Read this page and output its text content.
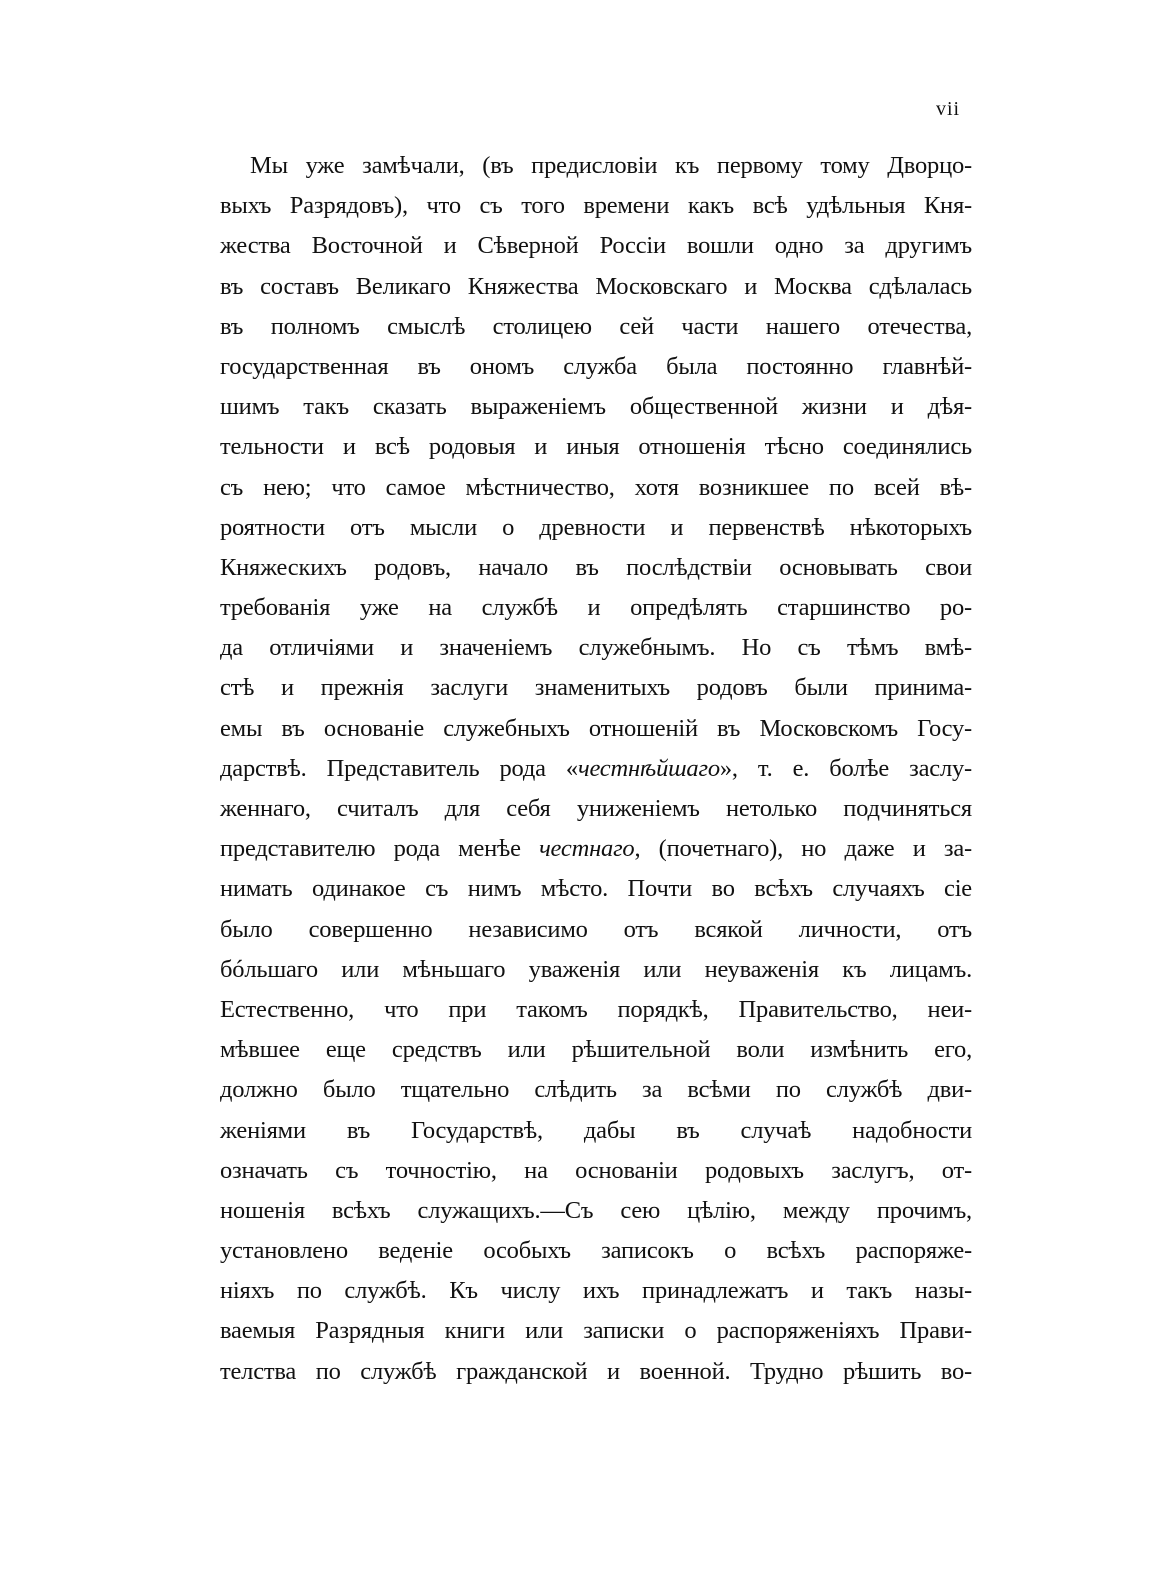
vii
Мы уже замѣчали, (въ предисловіи къ первому тому Дворцо-
выхъ Разрядовъ), что съ того времени какъ всѣ удѣльныя Кня-
жества Восточной и Сѣверной Россіи вошли одно за другимъ
въ составъ Великаго Княжества Московскаго и Москва сдѣлалась
въ полномъ смыслѣ столицею сей части нашего отечества,
государственная въ ономъ служба была постоянно главнѣй-
шимъ такъ сказать выраженіемъ общественной жизни и дѣя-
тельности и всѣ родовыя и иныя отношенія тѣсно соединялись
съ нею; что самое мѣстничество, хотя возникшее по всей вѣ-
роятности отъ мысли о древности и первенствѣ нѣкоторыхъ
Княжескихъ родовъ, начало въ послѣдствіи основывать свои
требованія уже на службѣ и опредѣлять старшинство ро-
да отличіями и значеніемъ служебнымъ. Но съ тѣмъ вмѣ-
стѣ и прежнія заслуги знаменитыхъ родовъ были принима-
емы въ основаніе служебныхъ отношеній въ Московскомъ Госу-
дарствѣ. Представитель рода «честнѣйшаго», т. е. болѣе заслу-
женнаго, считалъ для себя униженіемъ нетолько подчиняться
представителю рода менѣе честнаго, (почетнаго), но даже и за-
нимать одинакое съ нимъ мѣсто. Почти во всѣхъ случаяхъ сіе
было совершенно независимо отъ всякой личности, отъ
бóльшаго или мѣньшаго уваженія или неуваженія къ лицамъ.
Естественно, что при такомъ порядкѣ, Правительство, неи-
мѣвшее еще средствъ или рѣшительной воли измѣнить его,
должно было тщательно слѣдить за всѣми по службѣ дви-
женіями въ Государствѣ, дабы въ случаѣ надобности
означать съ точностію, на основаніи родовыхъ заслугъ, от-
ношенія всѣхъ служащихъ.—Съ сею цѣлію, между прочимъ,
установлено веденіе особыхъ записокъ о всѣхъ распоряже-
ніяхъ по службѣ. Къ числу ихъ принадлежатъ и такъ назы-
ваемыя Разрядныя книги или записки о распоряженіяхъ Прави-
телства по службѣ гражданской и военной. Трудно рѣшить во-
